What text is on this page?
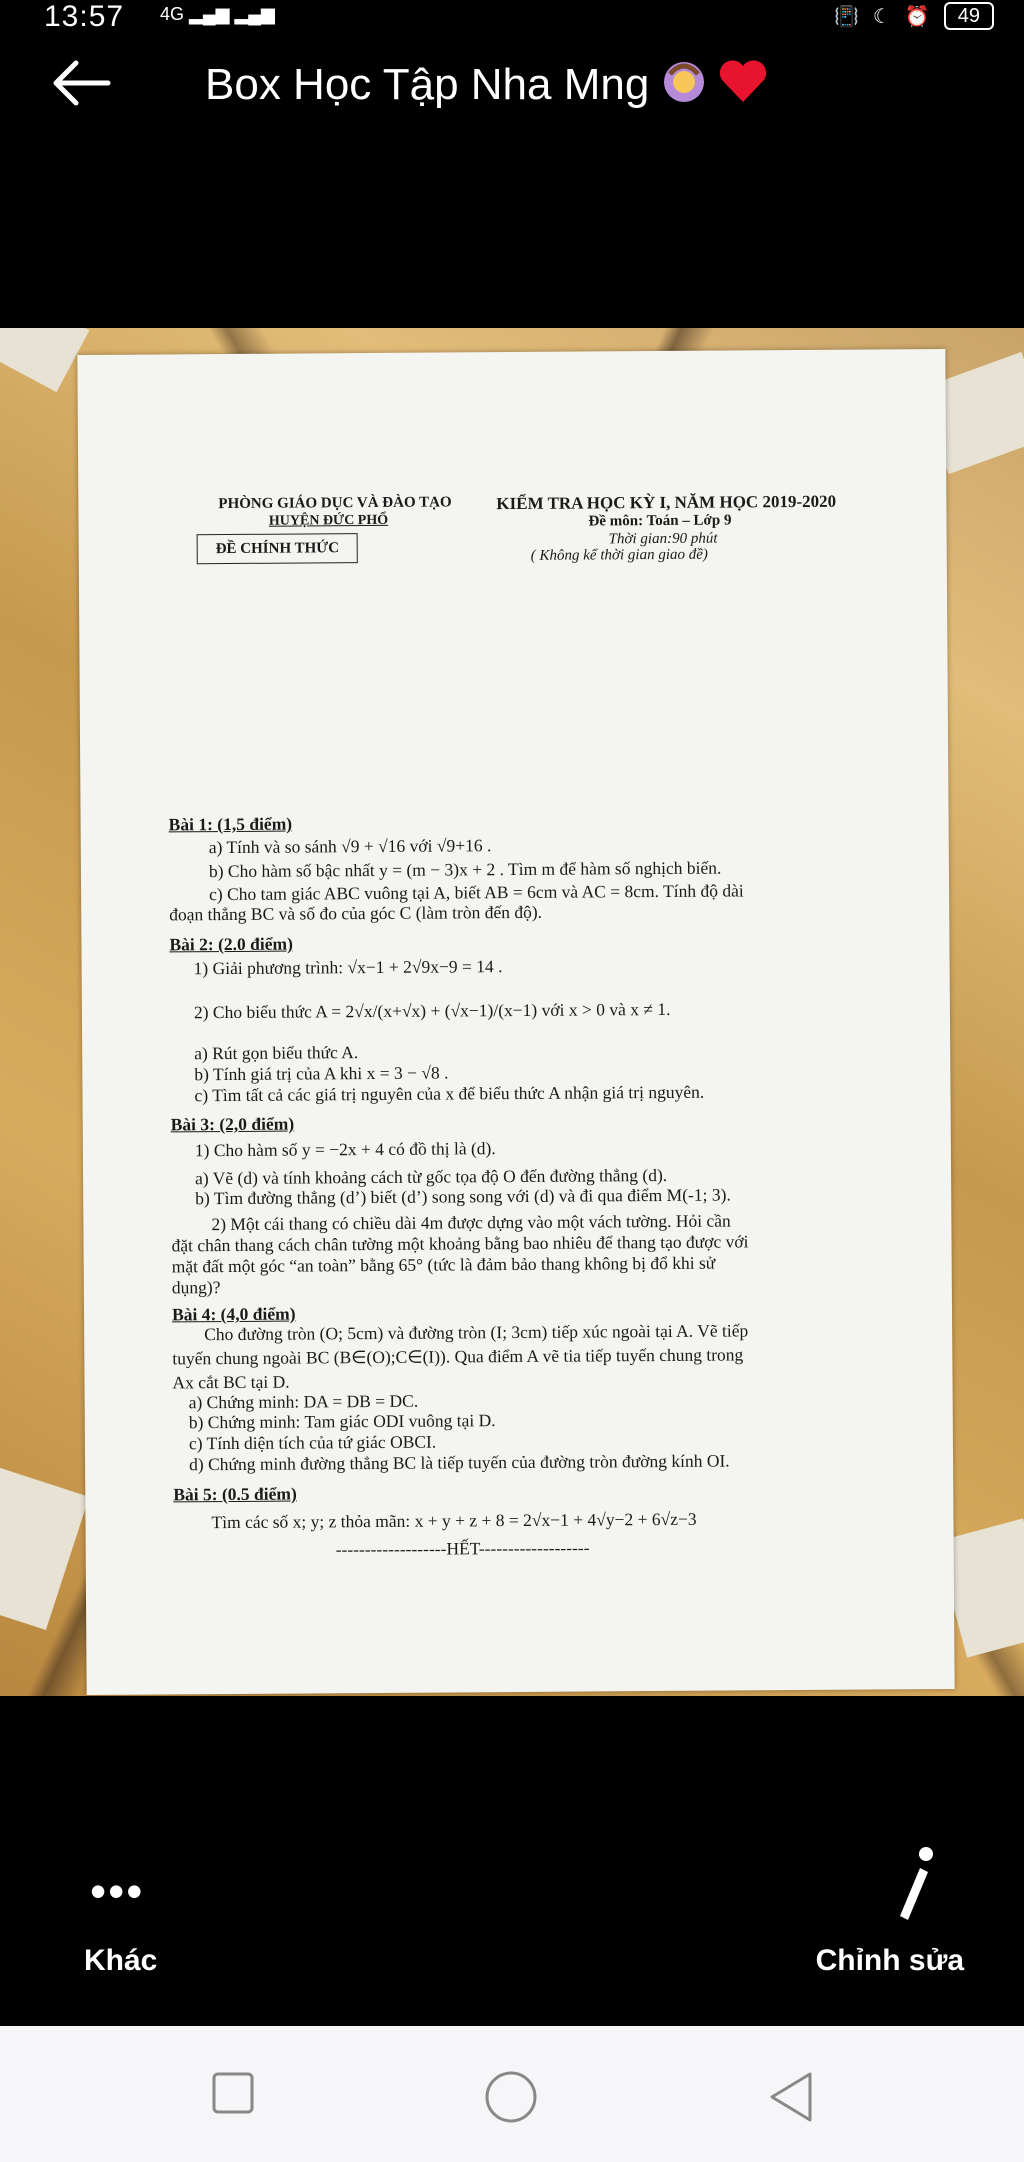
13:57 4G ▂▄▆ ▂▄▆	📳 ☾ ⏰	49
Box Học Tập Nha Mng
PHÒNG GIÁO DỤC VÀ ĐÀO TẠO
HUYỆN ĐỨC PHỔ
ĐỀ CHÍNH THỨC
KIỂM TRA HỌC KỲ I, NĂM HỌC 2019-2020
Đề môn: Toán – Lớp 9
Thời gian:90 phút
( Không kể thời gian giao đề)
Bài 1: (1,5 điểm)
a) Tính và so sánh √9 + √16 với √9+16 .
b) Cho hàm số bậc nhất y = (m − 3)x + 2 . Tìm m để hàm số nghịch biến.
c) Cho tam giác ABC vuông tại A, biết AB = 6cm và AC = 8cm. Tính độ dài
đoạn thẳng BC và số đo của góc C (làm tròn đến độ).
Bài 2: (2.0 điểm)
1) Giải phương trình: √x−1 + 2√9x−9 = 14 .
2) Cho biểu thức A = 2√x/(x+√x) + (√x−1)/(x−1) với x > 0 và x ≠ 1.
a) Rút gọn biểu thức A.
b) Tính giá trị của A khi x = 3 − √8 .
c) Tìm tất cả các giá trị nguyên của x để biểu thức A nhận giá trị nguyên.
Bài 3: (2,0 điểm)
1) Cho hàm số y = −2x + 4 có đồ thị là (d).
a) Vẽ (d) và tính khoảng cách từ gốc tọa độ O đến đường thẳng (d).
b) Tìm đường thẳng (d’) biết (d’) song song với (d) và đi qua điểm M(-1; 3).
2) Một cái thang có chiều dài 4m được dựng vào một vách tường. Hỏi cần
đặt chân thang cách chân tường một khoảng bằng bao nhiêu để thang tạo được với
mặt đất một góc “an toàn” bằng 65° (tức là đảm bảo thang không bị đổ khi sử
dụng)?
Bài 4: (4,0 điểm)
Cho đường tròn (O; 5cm) và đường tròn (I; 3cm) tiếp xúc ngoài tại A. Vẽ tiếp
tuyến chung ngoài BC (B∈(O);C∈(I)). Qua điểm A vẽ tia tiếp tuyến chung trong
Ax cắt BC tại D.
a) Chứng minh: DA = DB = DC.
b) Chứng minh: Tam giác ODI vuông tại D.
c) Tính diện tích của tứ giác OBCI.
d) Chứng minh đường thẳng BC là tiếp tuyến của đường tròn đường kính OI.
Bài 5: (0.5 điểm)
Tìm các số x; y; z thỏa mãn: x + y + z + 8 = 2√x−1 + 4√y−2 + 6√z−3
-------------------HẾT-------------------
•••
Khác	Chỉnh sửa
